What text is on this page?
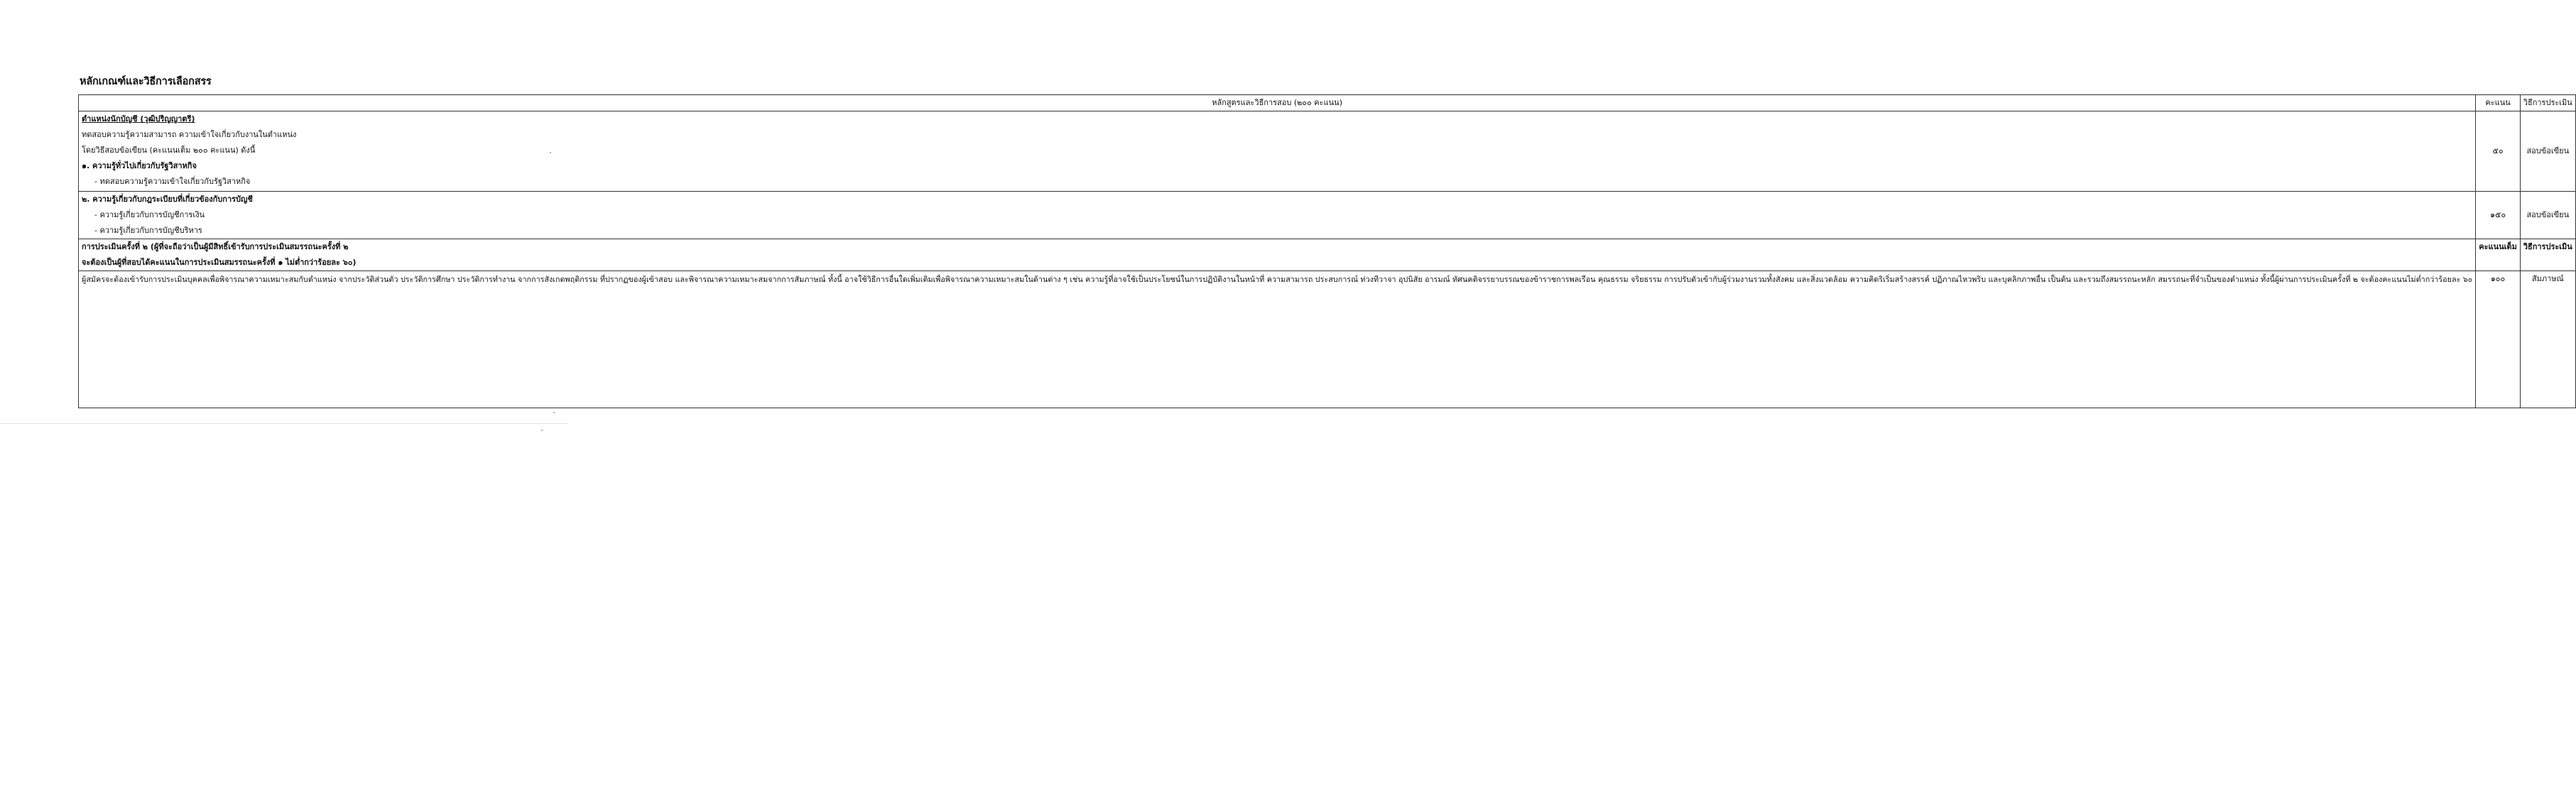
หลักเกณฑ์และวิธีการเลือกสรร
หลักสูตรและวิธีการสอบ (๒๐๐ คะแนน)	คะแนน	วิธีการประเมิน

ตำแหน่งนักบัญชี (วุฒิปริญญาตรี)
ทดสอบความรู้ความสามารถ ความเข้าใจเกี่ยวกับงานในตำแหน่ง
โดยวิธีสอบข้อเขียน (คะแนนเต็ม ๒๐๐ คะแนน) ดังนี้
๑. ความรู้ทั่วไปเกี่ยวกับรัฐวิสาหกิจ
- ทดสอบความรู้ความเข้าใจเกี่ยวกับรัฐวิสาหกิจ	๕๐	สอบข้อเขียน

๒. ความรู้เกี่ยวกับกฎระเบียบที่เกี่ยวข้องกับการบัญชี
- ความรู้เกี่ยวกับการบัญชีการเงิน
- ความรู้เกี่ยวกับการบัญชีบริหาร	๑๕๐	สอบข้อเขียน

การประเมินครั้งที่ ๒ (ผู้ที่จะถือว่าเป็นผู้มีสิทธิ์เข้ารับการประเมินสมรรถนะครั้งที่ ๒
จะต้องเป็นผู้ที่สอบได้คะแนนในการประเมินสมรรถนะครั้งที่ ๑ ไม่ต่ำกว่าร้อยละ ๖๐)	คะแนนเต็ม	วิธีการประเมิน
ผู้สมัครจะต้องเข้ารับการประเมินบุคคลเพื่อพิจารณาความเหมาะสมกับตำแหน่ง จากประวัติส่วนตัว ประวัติการศึกษา ประวัติการทำงาน จากการสังเกตพฤติกรรม ที่ปรากฏของผู้เข้าสอบ และพิจารณาความเหมาะสมจากการสัมภาษณ์ ทั้งนี้ อาจใช้วิธีการอื่นใดเพิ่มเติมเพื่อพิจารณาความเหมาะสมในด้านต่าง ๆ เช่น ความรู้ที่อาจใช้เป็นประโยชน์ในการปฏิบัติงานในหน้าที่ ความสามารถ ประสบการณ์ ท่วงทีวาจา อุปนิสัย อารมณ์ ทัศนคติจรรยาบรรณของข้าราชการพลเรือน คุณธรรม จริยธรรม การปรับตัวเข้ากับผู้ร่วมงานรวมทั้งสังคม และสิ่งแวดล้อม ความคิดริเริ่มสร้างสรรค์ ปฏิภาณไหวพริบ และบุคลิกภาพอื่น เป็นต้น และรวมถึงสมรรถนะหลัก สมรรถนะที่จำเป็นของตำแหน่ง ทั้งนี้ผู้ผ่านการประเมินครั้งที่ ๒ จะต้องคะแนนไม่ต่ำกว่าร้อยละ ๖๐	๑๐๐	สัมภาษณ์
